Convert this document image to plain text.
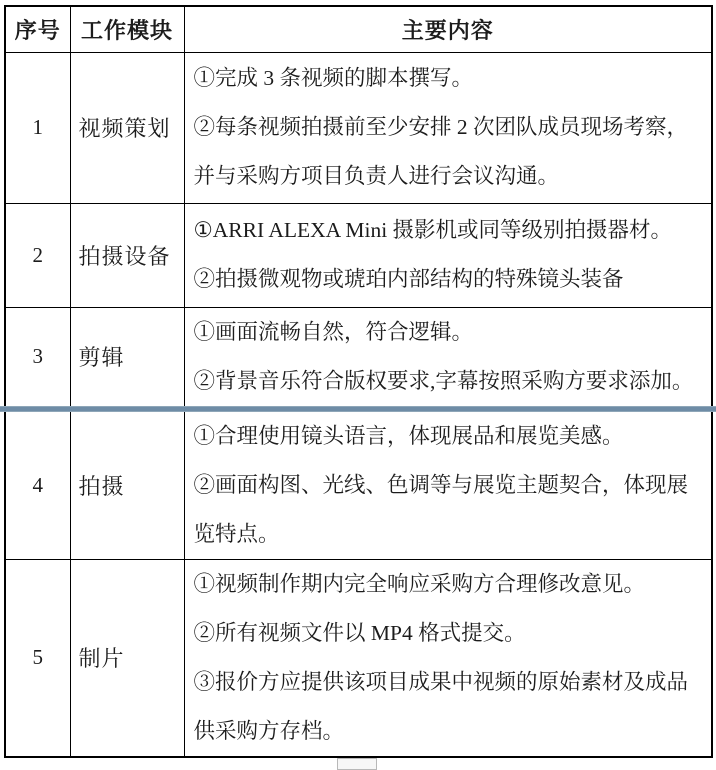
序号	工作模块	主要内容
1	视频策划	①完成 3 条视频的脚本撰写。

②每条视频拍摄前至少安排 2 次团队成员现场考察，并与采购方项目负责人进行会议沟通。

2	拍摄设备	①ARRI ALEXA Mini 摄影机或同等级别拍摄器材。

②拍摄微观物或琥珀内部结构的特殊镜头装备

3	剪辑	①画面流畅自然，符合逻辑。

②背景音乐符合版权要求,字幕按照采购方要求添加。

4	拍摄	①合理使用镜头语言，体现展品和展览美感。

②画面构图、光线、色调等与展览主题契合，体现展览特点。

5	制片	①视频制作期内完全响应采购方合理修改意见。

②所有视频文件以 MP4 格式提交。

③报价方应提供该项目成果中视频的原始素材及成品供采购方存档。
